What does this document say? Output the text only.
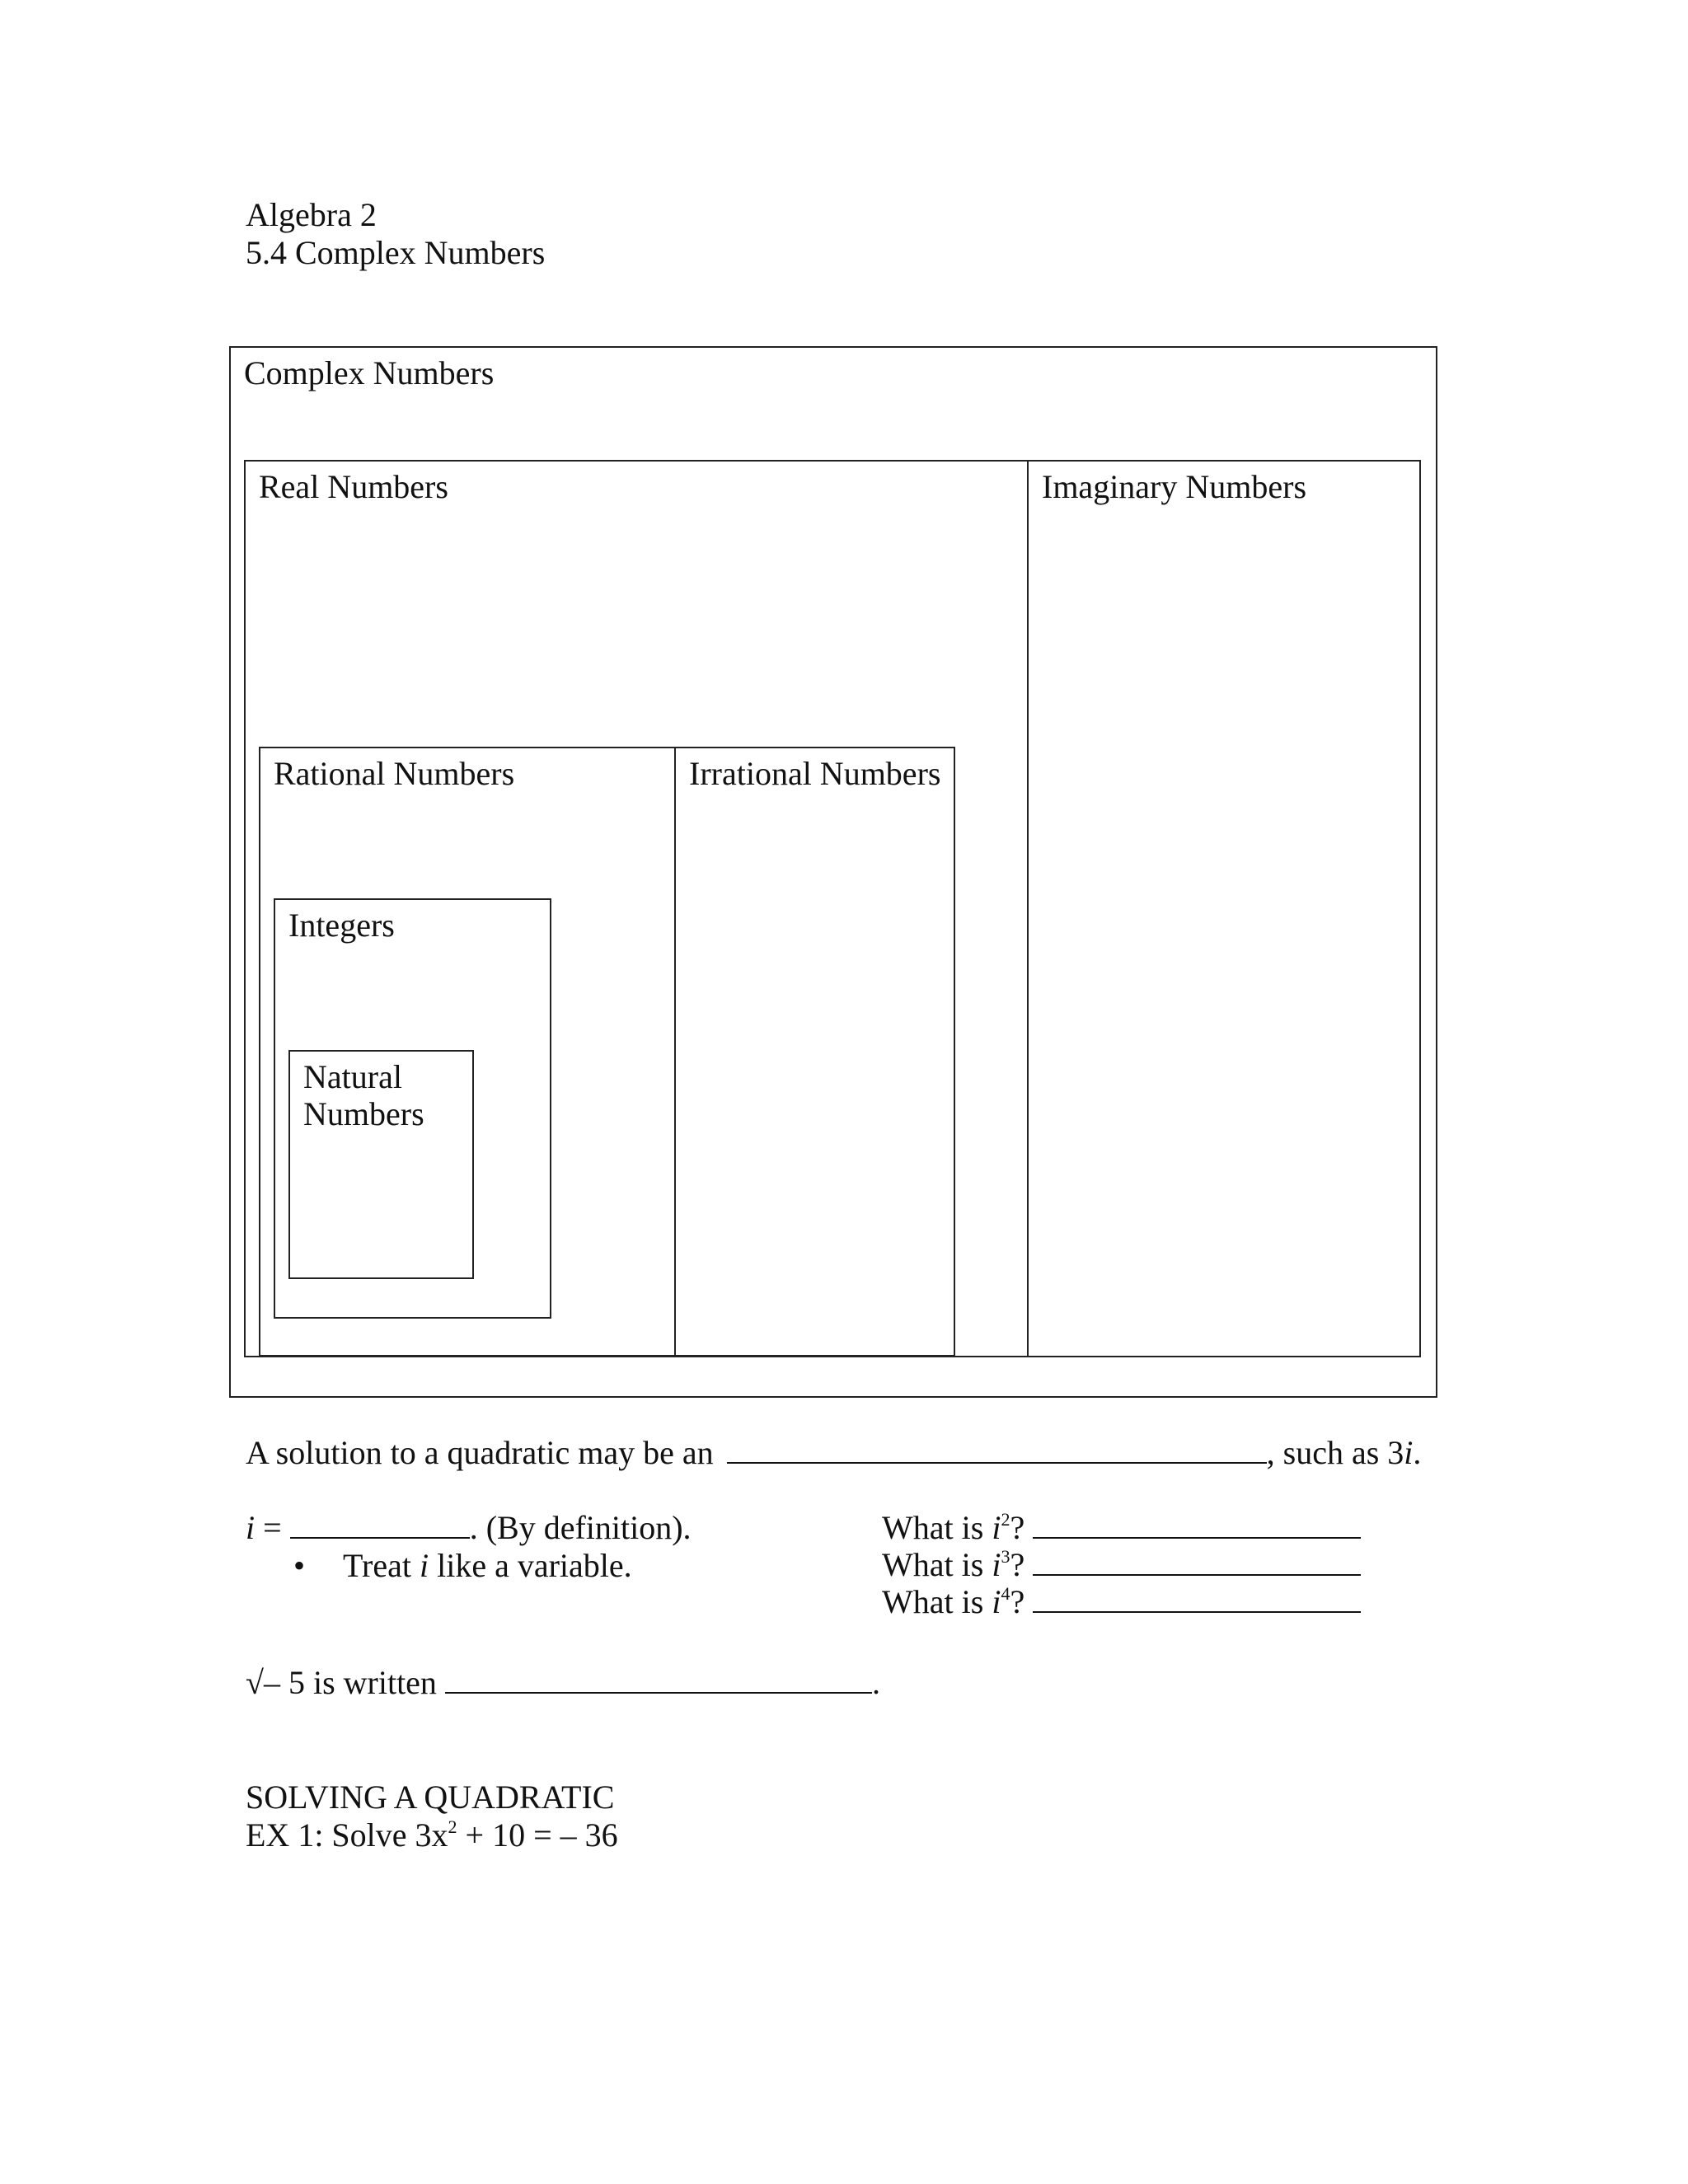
Algebra 2
5.4 Complex Numbers
Complex Numbers
Real Numbers	Imaginary Numbers
Rational Numbers	Irrational Numbers
Integers
Natural
Numbers
A solution to a quadratic may be an	, such as 3i.
i =	. (By definition).
• Treat i like a variable.
What is $i^2$?
What is $i^3$?
What is $i^4$?
√– 5 is written	.
SOLVING A QUADRATIC
EX 1: Solve $3x^2 + 10$ = – 36
